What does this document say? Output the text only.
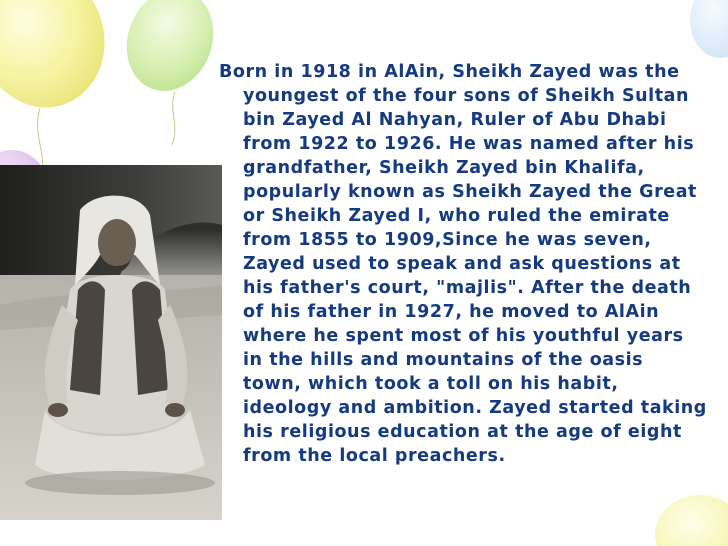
Born in 1918 in AlAin, Sheikh Zayed was the youngest of the four sons of Sheikh Sultan bin Zayed Al Nahyan, Ruler of Abu Dhabi from 1922 to 1926. He was named after his grandfather, Sheikh Zayed bin Khalifa, popularly known as Sheikh Zayed the Great or Sheikh Zayed I, who ruled the emirate from 1855 to 1909,Since he was seven, Zayed used to speak and ask questions at his father's court, "majlis". After the death of his father in 1927, he moved to AlAin where he spent most of his youthful years in the hills and mountains of the oasis town, which took a toll on his habit, ideology and ambition. Zayed started taking his religious education at the age of eight from the local preachers.
